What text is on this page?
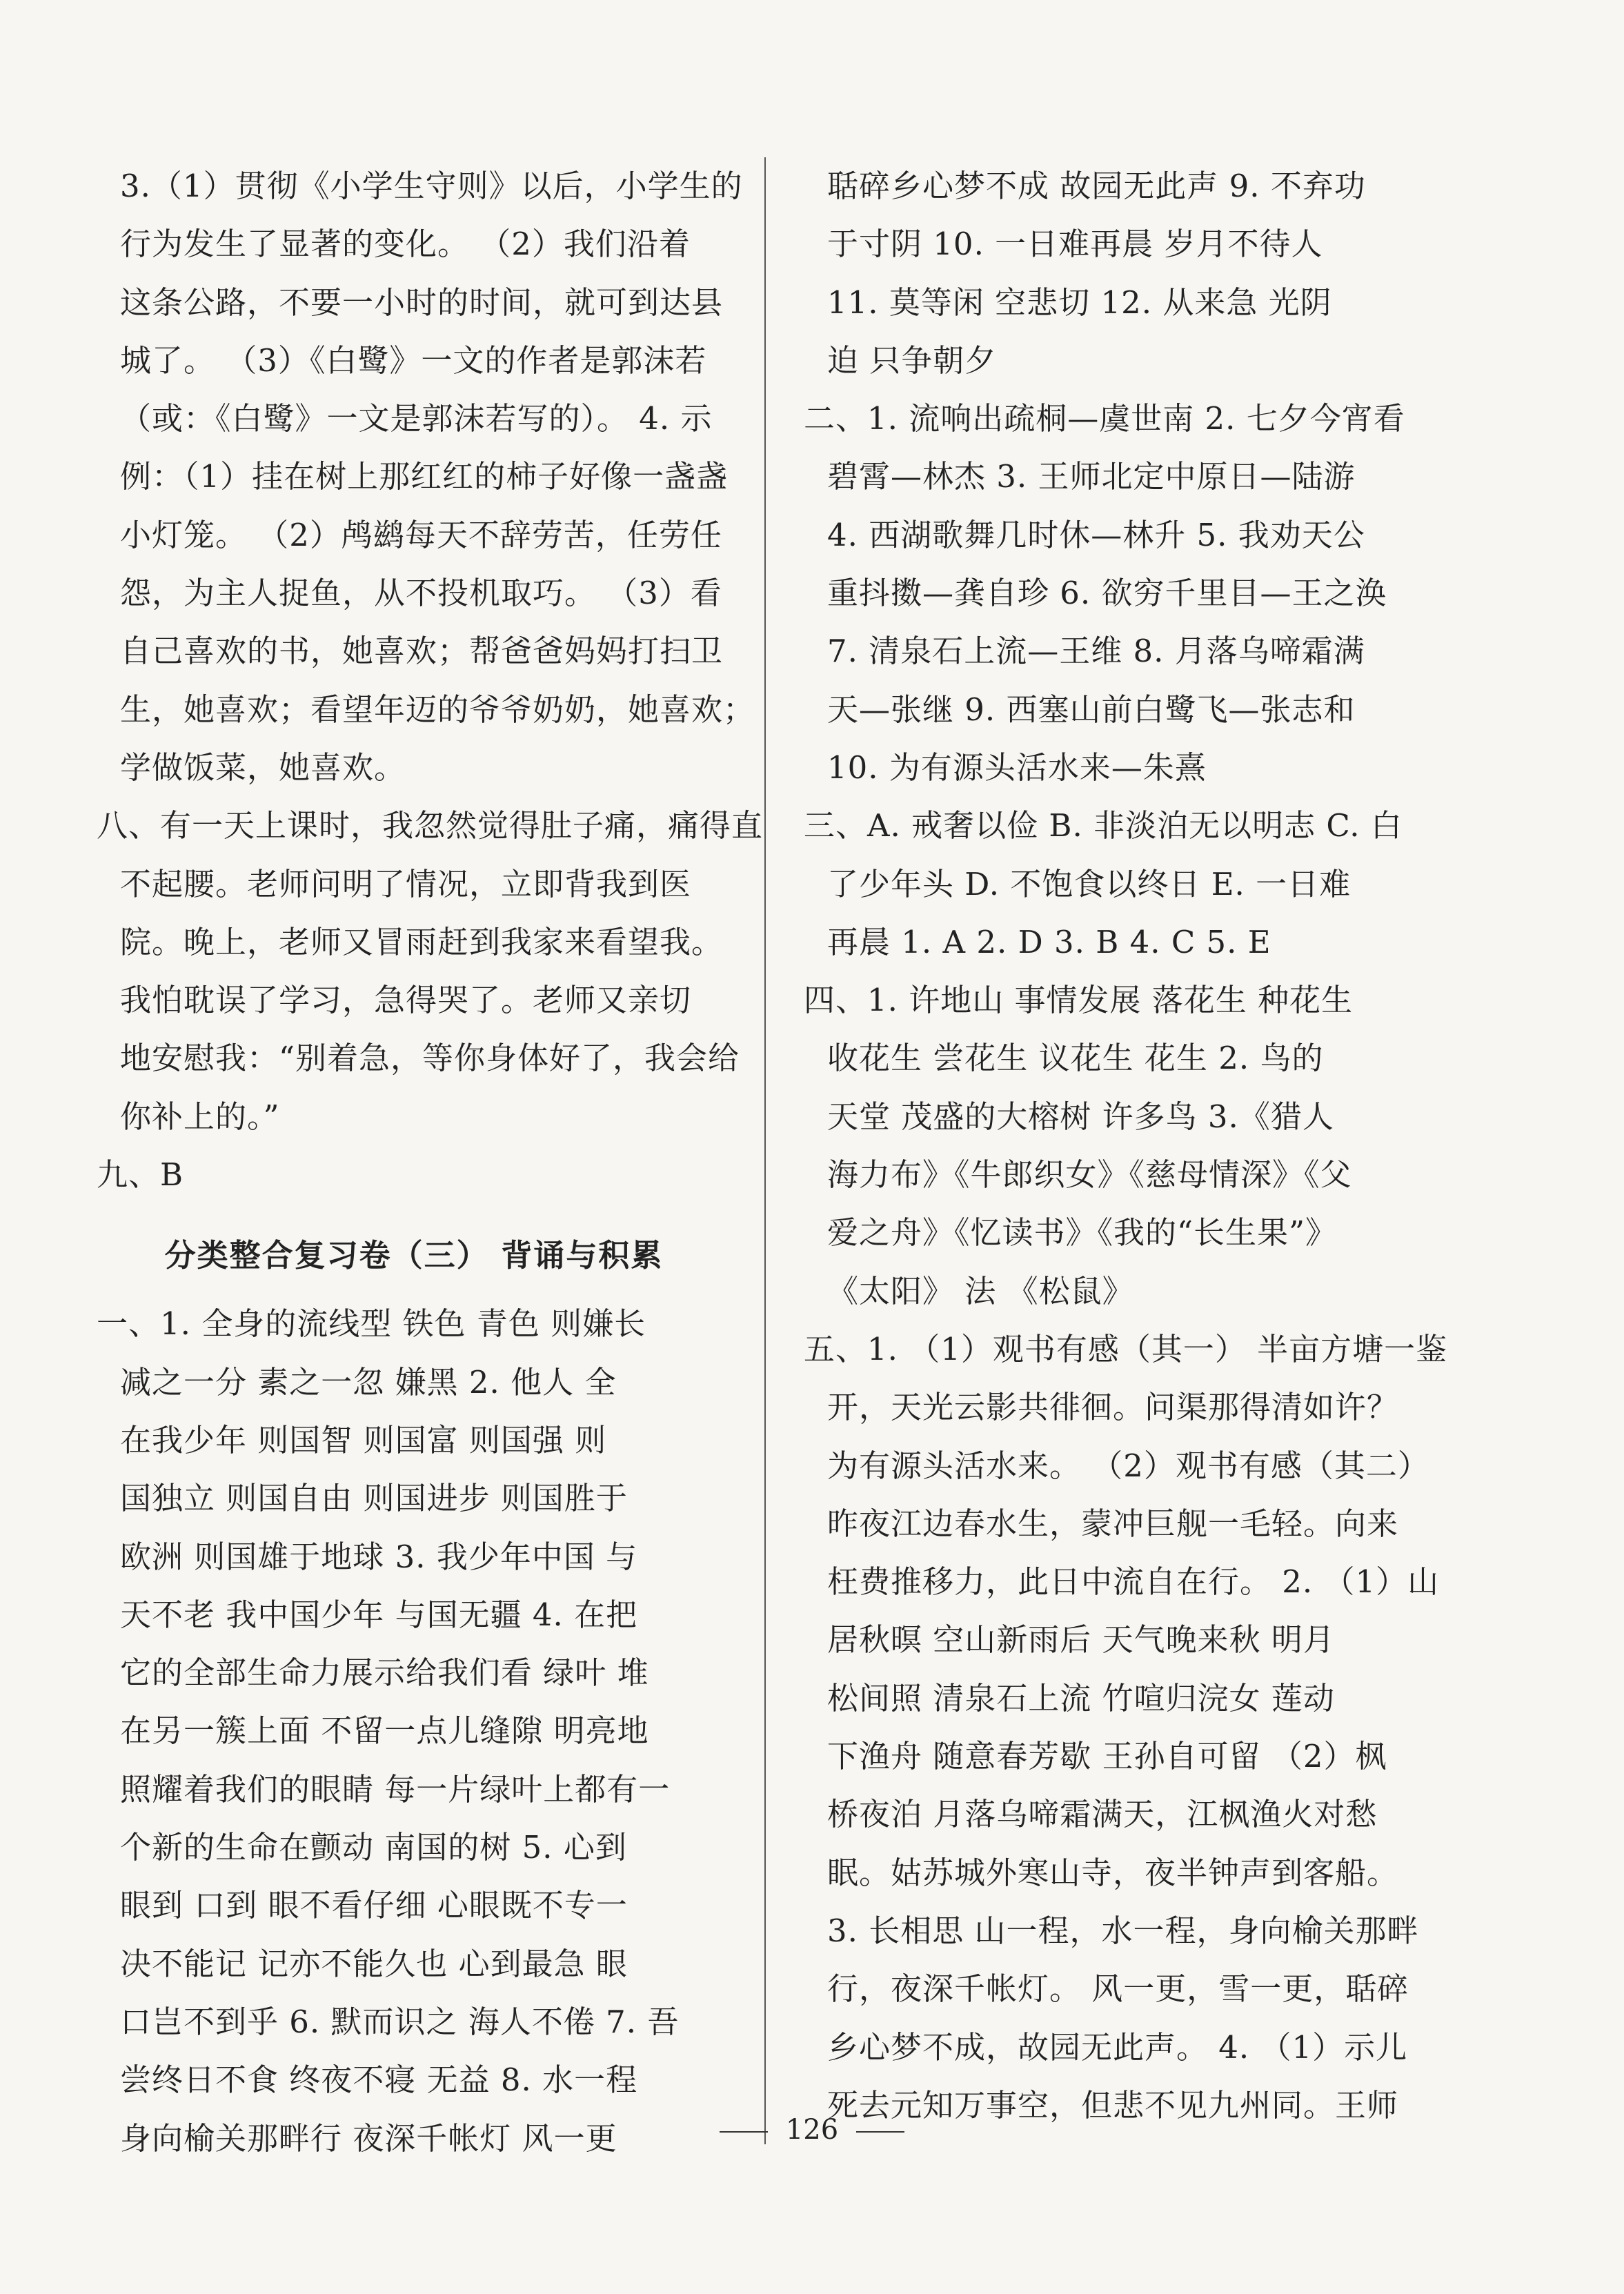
3.（1）贯彻《小学生守则》以后，小学生的
行为发生了显著的变化。 （2）我们沿着
这条公路，不要一小时的时间，就可到达县
城了。 （3）《白鹭》一文的作者是郭沫若
（或：《白鹭》一文是郭沫若写的）。 4. 示
例：（1）挂在树上那红红的柿子好像一盏盏
小灯笼。 （2）鸬鹚每天不辞劳苦，任劳任
怨，为主人捉鱼，从不投机取巧。 （3）看
自己喜欢的书，她喜欢；帮爸爸妈妈打扫卫
生，她喜欢；看望年迈的爷爷奶奶，她喜欢；
学做饭菜，她喜欢。
八、有一天上课时，我忽然觉得肚子痛，痛得直
不起腰。老师问明了情况，立即背我到医
院。晚上，老师又冒雨赶到我家来看望我。
我怕耽误了学习，急得哭了。老师又亲切
地安慰我：“别着急，等你身体好了，我会给
你补上的。”
九、B
分类整合复习卷（三） 背诵与积累
一、1. 全身的流线型 铁色 青色 则嫌长
减之一分 素之一忽 嫌黑 2. 他人 全
在我少年 则国智 则国富 则国强 则
国独立 则国自由 则国进步 则国胜于
欧洲 则国雄于地球 3. 我少年中国 与
天不老 我中国少年 与国无疆 4. 在把
它的全部生命力展示给我们看 绿叶 堆
在另一簇上面 不留一点儿缝隙 明亮地
照耀着我们的眼睛 每一片绿叶上都有一
个新的生命在颤动 南国的树 5. 心到
眼到 口到 眼不看仔细 心眼既不专一
决不能记 记亦不能久也 心到最急 眼
口岂不到乎 6. 默而识之 海人不倦 7. 吾
尝终日不食 终夜不寝 无益 8. 水一程
身向榆关那畔行 夜深千帐灯 风一更
聒碎乡心梦不成 故园无此声 9. 不弃功
于寸阴 10. 一日难再晨 岁月不待人
11. 莫等闲 空悲切 12. 从来急 光阴
迫 只争朝夕
二、1. 流响出疏桐—虞世南 2. 七夕今宵看
碧霄—林杰 3. 王师北定中原日—陆游
4. 西湖歌舞几时休—林升 5. 我劝天公
重抖擞—龚自珍 6. 欲穷千里目—王之涣
7. 清泉石上流—王维 8. 月落乌啼霜满
天—张继 9. 西塞山前白鹭飞—张志和
10. 为有源头活水来—朱熹
三、A. 戒奢以俭 B. 非淡泊无以明志 C. 白
了少年头 D. 不饱食以终日 E. 一日难
再晨 1. A 2. D 3. B 4. C 5. E
四、1. 许地山 事情发展 落花生 种花生
收花生 尝花生 议花生 花生 2. 鸟的
天堂 茂盛的大榕树 许多鸟 3.《猎人
海力布》《牛郎织女》《慈母情深》《父
爱之舟》《忆读书》《我的“长生果”》
《太阳》 法 《松鼠》
五、1. （1）观书有感（其一） 半亩方塘一鉴
开，天光云影共徘徊。问渠那得清如许？
为有源头活水来。 （2）观书有感（其二）
昨夜江边春水生，蒙冲巨舰一毛轻。向来
枉费推移力，此日中流自在行。 2. （1）山
居秋暝 空山新雨后 天气晚来秋 明月
松间照 清泉石上流 竹喧归浣女 莲动
下渔舟 随意春芳歇 王孙自可留 （2）枫
桥夜泊 月落乌啼霜满天，江枫渔火对愁
眠。姑苏城外寒山寺，夜半钟声到客船。
3. 长相思 山一程，水一程，身向榆关那畔
行，夜深千帐灯。 风一更，雪一更，聒碎
乡心梦不成，故园无此声。 4. （1）示儿
死去元知万事空，但悲不见九州同。王师
126
